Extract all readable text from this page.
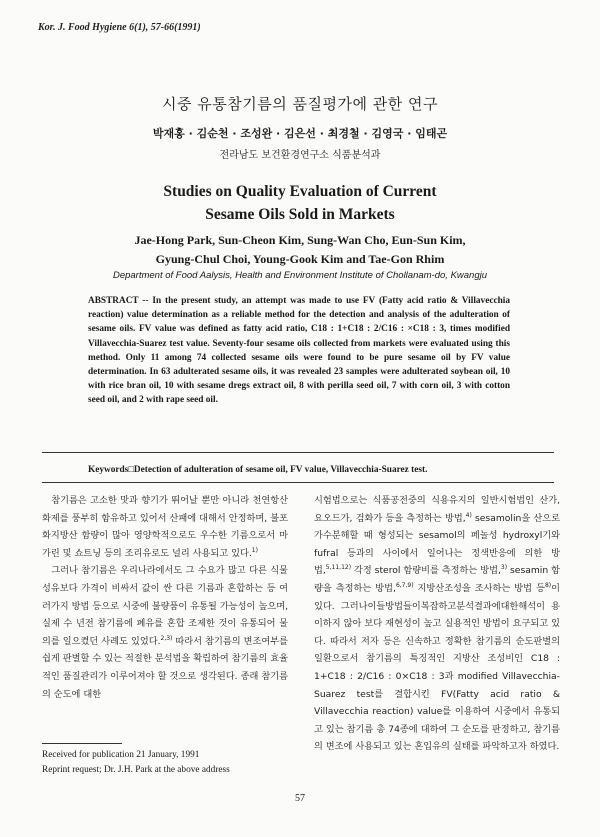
Kor. J. Food Hygiene 6(1), 57-66(1991)
시중 유통참기름의 품질평가에 관한 연구
박재홍 · 김순천 · 조성완 · 김은선 · 최경철 · 김영국 · 임태곤
전라남도 보건환경연구소 식품분석과
Studies on Quality Evaluation of Current
Sesame Oils Sold in Markets
Jae-Hong Park, Sun-Cheon Kim, Sung-Wan Cho, Eun-Sun Kim,
Gyung-Chul Choi, Young-Gook Kim and Tae-Gon Rhim
Department of Food Aalysis, Health and Environment Institute of Chollanam-do, Kwangju
ABSTRACT -- In the present study, an attempt was made to use FV (Fatty acid ratio & Villavecchia reaction) value determination as a reliable method for the detection and analysis of the adulteration of sesame oils. FV value was defined as fatty acid ratio, C18 : 1+C18 : 2/C16 : ×C18 : 3, times modified Villavecchia-Suarez test value. Seventy-four sesame oils collected from markets were evaluated using this method. Only 11 among 74 collected sesame oils were found to be pure sesame oil by FV value determination. In 63 adulterated sesame oils, it was revealed 23 samples were adulterated soybean oil, 10 with rice bran oil, 10 with sesame dregs extract oil, 8 with perilla seed oil, 7 with corn oil, 3 with cotton seed oil, and 2 with rape seed oil.
Keywords□Detection of adulteration of sesame oil, FV value, Villavecchia-Suarez test.

참기름은 고소한 맛과 향기가 뛰어날 뿐만 아니라 천연항산화제를 풍부히 함유하고 있어서 산패에 대해서 안정하며, 불포화지방산 함량이 많아 영양학적으로도 우수한 기름으로서 마가린 및 쇼트닝 등의 조리유로도 널리 사용되고 있다.$^{1)}$

그러나 참기름은 우리나라에서도 그 수요가 많고 다른 식물성유보다 가격이 비싸서 값이 싼 다른 기름과 혼합하는 등 여러가지 방법 등으로 시중에 불량품이 유통될 가능성이 높으며, 실제 수 년전 참기름에 폐유를 혼합 조제한 것이 유통되어 물의를 일으켰던 사례도 있었다.$^{2,3)}$ 따라서 참기름의 변조여부를 쉽게 판별할 수 있는 적절한 분석법을 확립하여 참기름의 효율적인 품질관리가 이루어져야 할 것으로 생각된다. 종래 참기름의 순도에 대한

시험법으로는 식품공전중의 식용유지의 일반시험법인 산가, 요오드가, 검화가 등을 측정하는 방법,$^{4)}$ sesamolin을 산으로 가수분해할 때 형성되는 sesamol의 페놀성 hydroxyl기와 fufral 등과의 사이에서 일어나는 정색반응에 의한 방법,$^{5,11,12)}$ 각정 sterol 함량비를 측정하는 방법,$^{3)}$ sesamin 함량을 측정하는 방법,$^{6,7,9)}$ 지방산조성을 조사하는 방법 등$^{8)}$이 있다. 그러나이들방법들이복잡하고분석결과에대한해석이 용이하지 않아 보다 재현성이 높고 실용적인 방법이 요구되고 있다. 따라서 저자 등은 신속하고 정확한 참기름의 순도판별의 일환으로서 참기름의 특징적인 지방산 조성비인 C18 : 1+C18 : 2/C16 : 0×C18 : 3과 modified Villavecchia-Suarez test를 결합시킨 FV(Fatty acid ratio & Villavecchia reaction) value를 이용하여 시중에서 유통되고 있는 참기름 총 74종에 대하여 그 순도를 판정하고, 참기름의 변조에 사용되고 있는 혼입유의 실태를 파악하고자 하였다.

Received for publication 21 January, 1991
Reprint request; Dr. J.H. Park at the above address
57
